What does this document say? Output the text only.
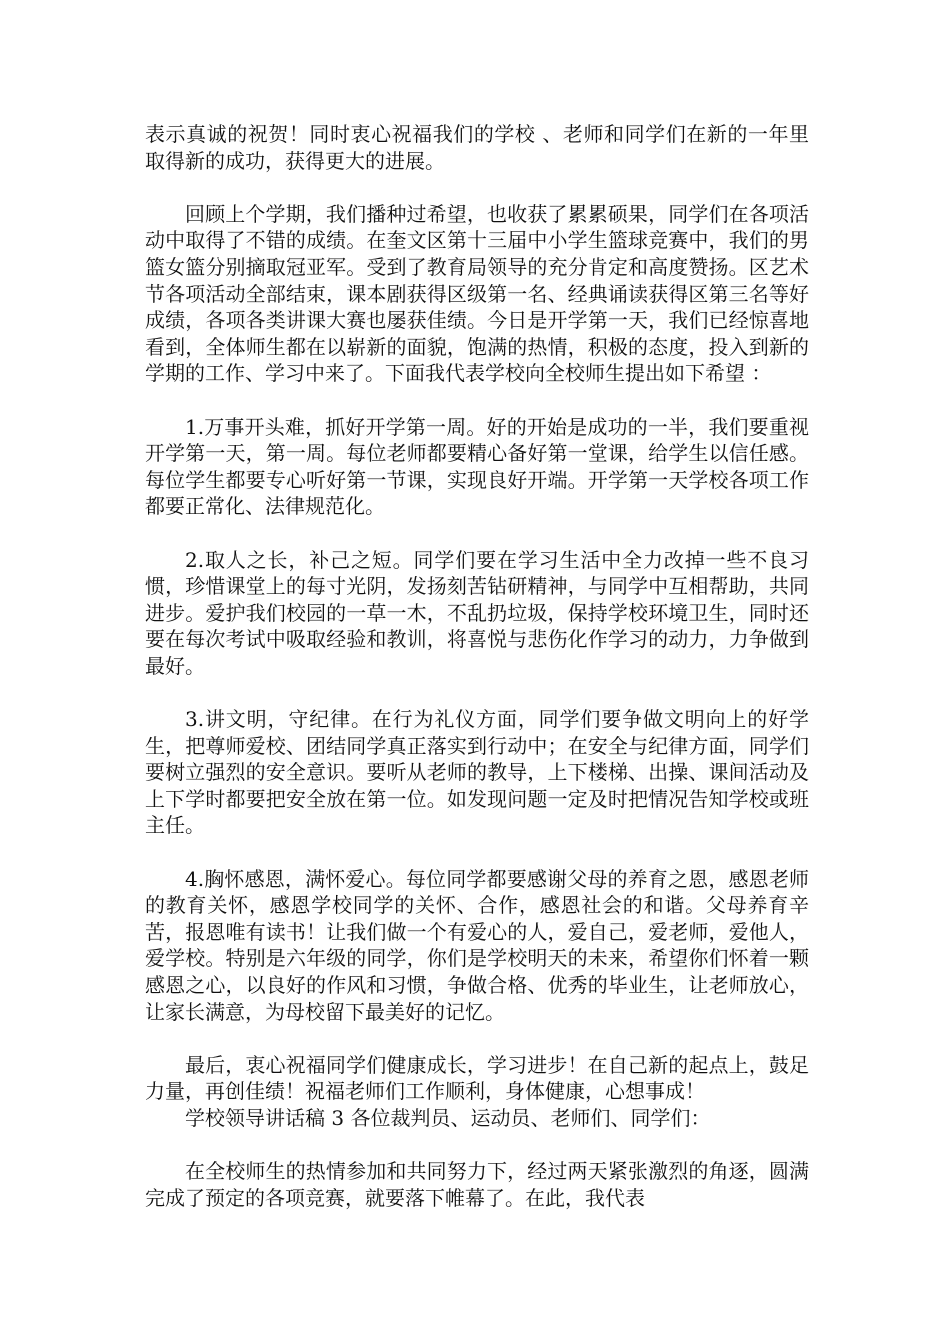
表示真诚的祝贺！同时衷心祝福我们的学校 、老师和同学们在新的一年里取得新的成功，获得更大的进展。

回顾上个学期，我们播种过希望，也收获了累累硕果，同学们在各项活动中取得了不错的成绩。在奎文区第十三届中小学生篮球竞赛中，我们的男篮女篮分别摘取冠亚军。受到了教育局领导的充分肯定和高度赞扬。区艺术节各项活动全部结束，课本剧获得区级第一名、经典诵读获得区第三名等好成绩，各项各类讲课大赛也屡获佳绩。今日是开学第一天，我们已经惊喜地看到，全体师生都在以崭新的面貌，饱满的热情，积极的态度，投入到新的学期的工作、学习中来了。下面我代表学校向全校师生提出如下希望 ：

1.万事开头难，抓好开学第一周。好的开始是成功的一半，我们要重视开学第一天，第一周。每位老师都要精心备好第一堂课，给学生以信任感。每位学生都要专心听好第一节课，实现良好开端。开学第一天学校各项工作都要正常化、法律规范化。

2.取人之长，补己之短。同学们要在学习生活中全力改掉一些不良习惯，珍惜课堂上的每寸光阴，发扬刻苦钻研精神，与同学中互相帮助，共同进步。爱护我们校园的一草一木，不乱扔垃圾，保持学校环境卫生，同时还要在每次考试中吸取经验和教训，将喜悦与悲伤化作学习的动力，力争做到最好。

3.讲文明，守纪律。在行为礼仪方面，同学们要争做文明向上的好学生，把尊师爱校、团结同学真正落实到行动中；在安全与纪律方面，同学们要树立强烈的安全意识。要听从老师的教导，上下楼梯、出操、课间活动及上下学时都要把安全放在第一位。如发现问题一定及时把情况告知学校或班主任。

4.胸怀感恩，满怀爱心。每位同学都要感谢父母的养育之恩，感恩老师的教育关怀，感恩学校同学的关怀、合作，感恩社会的和谐。父母养育辛苦，报恩唯有读书！让我们做一个有爱心的人，爱自己，爱老师，爱他人，爱学校。特别是六年级的同学，你们是学校明天的未来，希望你们怀着一颗感恩之心，以良好的作风和习惯，争做合格、优秀的毕业生，让老师放心，让家长满意，为母校留下最美好的记忆。

最后，衷心祝福同学们健康成长，学习进步！在自己新的起点上，鼓足力量，再创佳绩！祝福老师们工作顺利，身体健康，心想事成！

学校领导讲话稿 3 各位裁判员、运动员、老师们、同学们：

在全校师生的热情参加和共同努力下，经过两天紧张激烈的角逐，圆满完成了预定的各项竞赛，就要落下帷幕了。在此，我代表
